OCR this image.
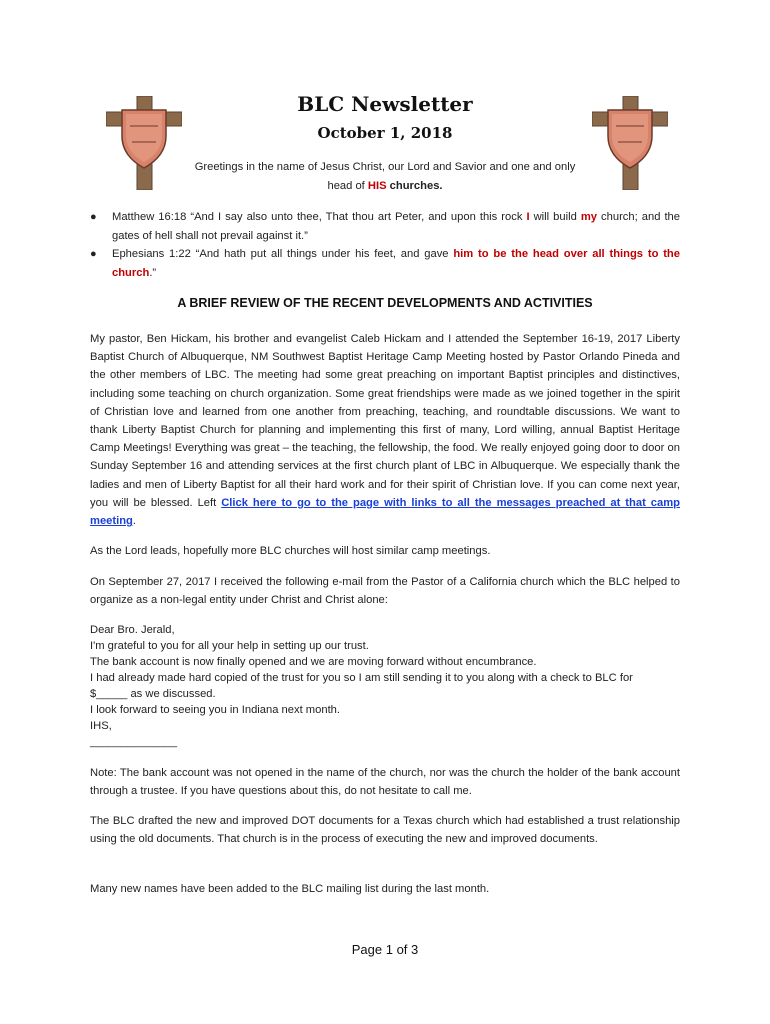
BLC Newsletter
October 1, 2018
Greetings in the name of Jesus Christ, our Lord and Savior and one and only head of HIS churches.
● Matthew 16:18 “And I say also unto thee, That thou art Peter, and upon this rock I will build my church; and the gates of hell shall not prevail against it.”
● Ephesians 1:22 “And hath put all things under his feet, and gave him to be the head over all things to the church.”
A BRIEF REVIEW OF THE RECENT DEVELOPMENTS AND ACTIVITIES

My pastor, Ben Hickam, his brother and evangelist Caleb Hickam and I attended the September 16-19, 2017 Liberty Baptist Church of Albuquerque, NM Southwest Baptist Heritage Camp Meeting hosted by Pastor Orlando Pineda and the other members of LBC. The meeting had some great preaching on important Baptist principles and distinctives, including some teaching on church organization. Some great friendships were made as we joined together in the spirit of Christian love and learned from one another from preaching, teaching, and roundtable discussions. We want to thank Liberty Baptist Church for planning and implementing this first of many, Lord willing, annual Baptist Heritage Camp Meetings! Everything was great – the teaching, the fellowship, the food. We really enjoyed going door to door on Sunday September 16 and attending services at the first church plant of LBC in Albuquerque. We especially thank the ladies and men of Liberty Baptist for all their hard work and for their spirit of Christian love. If you can come next year, you will be blessed. Left Click here to go to the page with links to all the messages preached at that camp meeting.

As the Lord leads, hopefully more BLC churches will host similar camp meetings.

On September 27, 2017 I received the following e-mail from the Pastor of a California church which the BLC helped to organize as a non-legal entity under Christ and Christ alone:

Dear Bro. Jerald,
I'm grateful to you for all your help in setting up our trust.
The bank account is now finally opened and we are moving forward without encumbrance.
I had already made hard copied of the trust for you so I am still sending it to you along with a check to BLC for
$_____ as we discussed.
I look forward to seeing you in Indiana next month.
IHS,
______________

Note: The bank account was not opened in the name of the church, nor was the church the holder of the bank account through a trustee. If you have questions about this, do not hesitate to call me.

The BLC drafted the new and improved DOT documents for a Texas church which had established a trust relationship using the old documents. That church is in the process of executing the new and improved documents.

Many new names have been added to the BLC mailing list during the last month.

Page 1 of 3
